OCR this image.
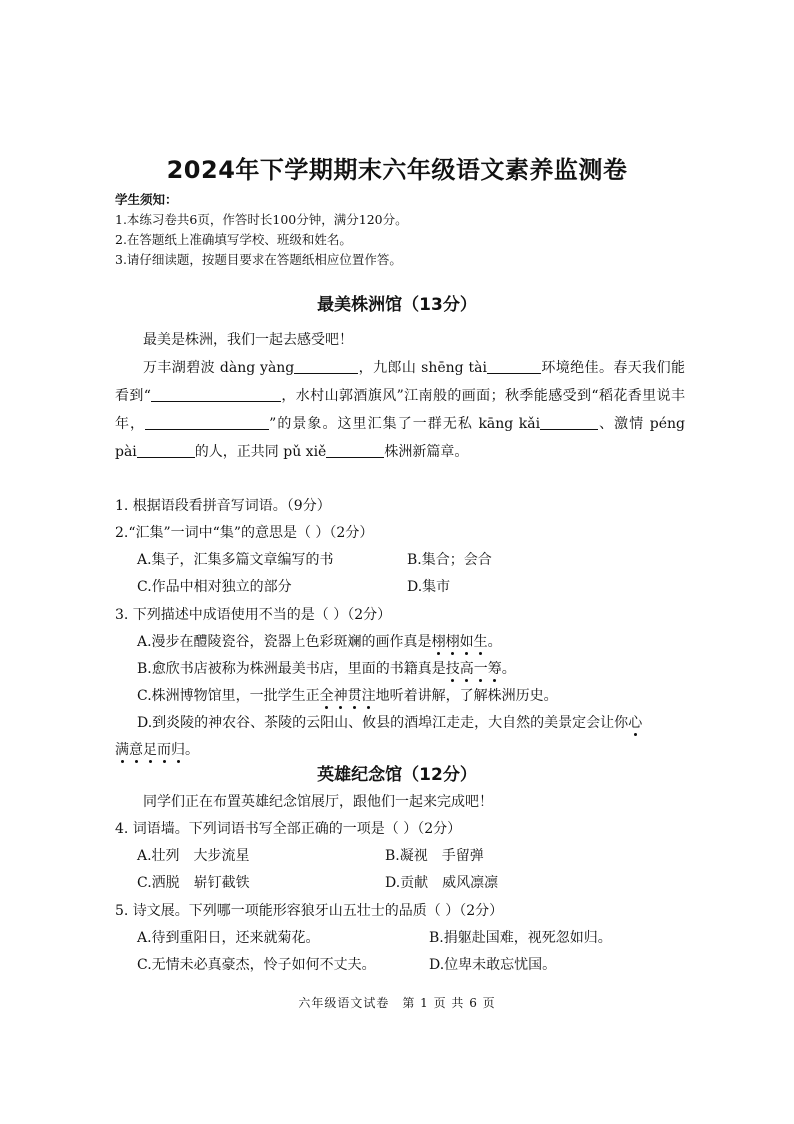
2024年下学期期末六年级语文素养监测卷
学生须知：
1.本练习卷共6页，作答时长100分钟，满分120分。
2.在答题纸上准确填写学校、班级和姓名。
3.请仔细读题，按题目要求在答题纸相应位置作答。
最美株洲馆（13分）

最美是株洲，我们一起去感受吧！

万丰湖碧波 dàng yàng	，九郎山 shēng tài	环境绝佳。春天我们能看到“	，水村山郭酒旗风”江南般的画面；秋季能感受到“稻花香里说丰年，	”的景象。这里汇集了一群无私 kāng kǎi	、激情 péng pài	的人，正共同 pǔ xiě	株洲新篇章。

1. 根据语段看拼音写词语。（9分）
2.“汇集”一词中“集”的意思是（ ）（2分）
A.集子，汇集多篇文章编写的书	B.集合；会合
C.作品中相对独立的部分	D.集市
3. 下列描述中成语使用不当的是（ ）（2分）
A.漫步在醴陵瓷谷，瓷器上色彩斑斓的画作真是栩栩如生。
B.愈欣书店被称为株洲最美书店，里面的书籍真是技高一筹。
C.株洲博物馆里，一批学生正全神贯注地听着讲解，了解株洲历史。
D.到炎陵的神农谷、茶陵的云阳山、攸县的酒埠江走走，大自然的美景定会让你心
满意足而归。
英雄纪念馆（12分）

同学们正在布置英雄纪念馆展厅，跟他们一起来完成吧！

4. 词语墙。下列词语书写全部正确的一项是（ ）（2分）
A.壮列　大步流星	B.凝视　手留弹
C.洒脱　崭钉截铁	D.贡献　威风凛凛
5. 诗文展。下列哪一项能形容狼牙山五壮士的品质（ ）（2分）
A.待到重阳日，还来就菊花。	B.捐躯赴国难，视死忽如归。
C.无情未必真豪杰，怜子如何不丈夫。	D.位卑未敢忘忧国。
六年级语文试卷　第 1 页 共 6 页
